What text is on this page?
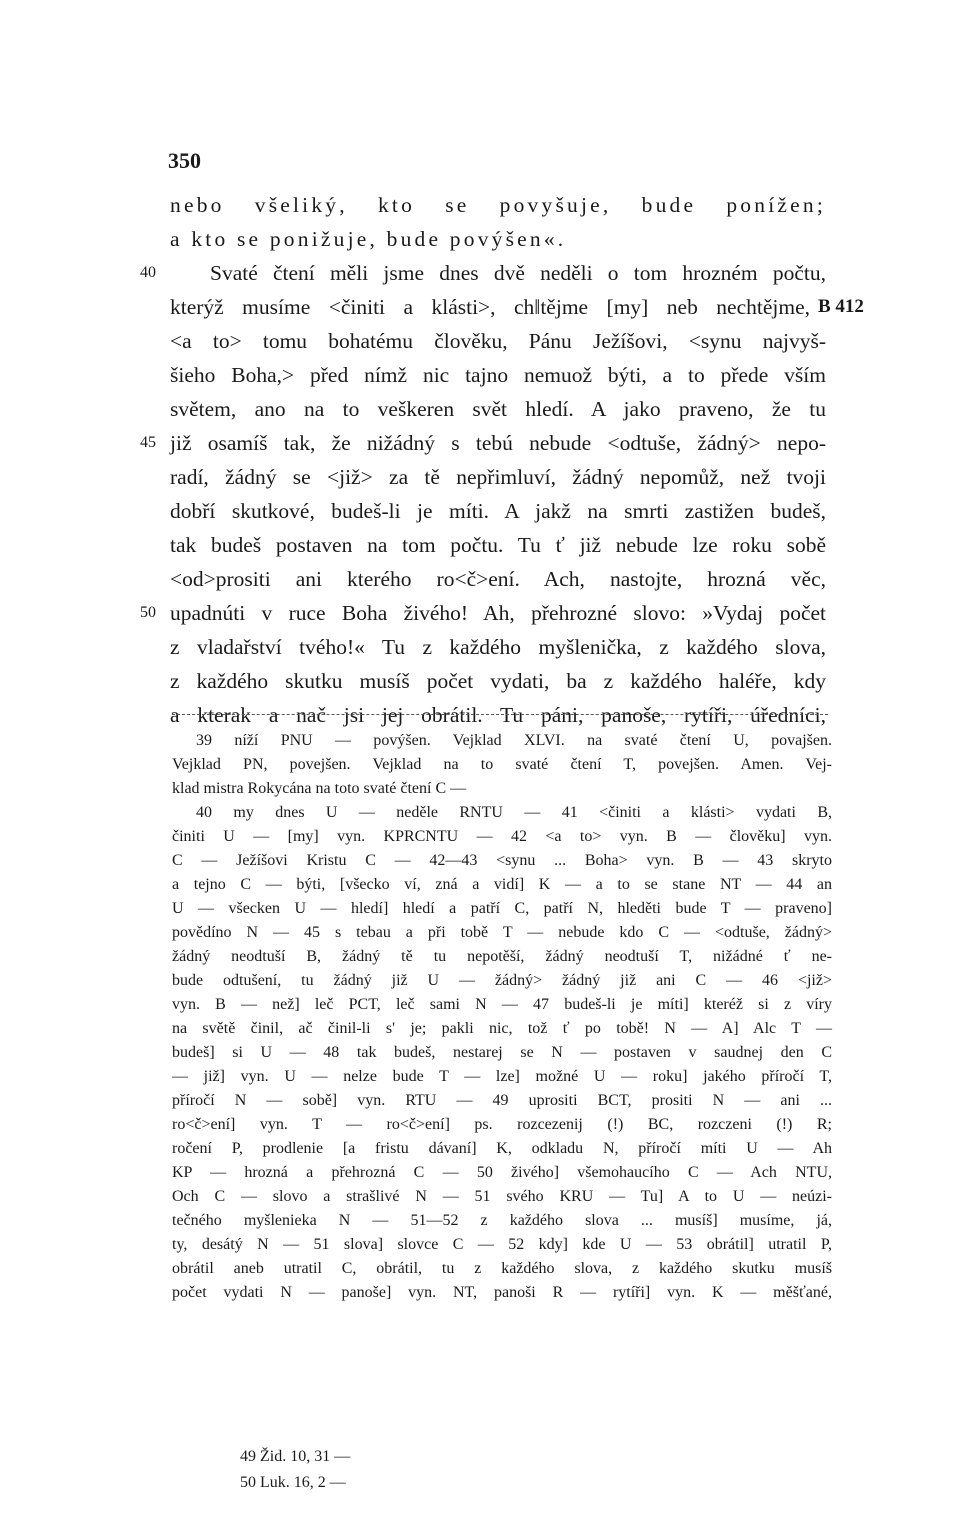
350
nebo všeliký, kto se povyšuje, bude ponížen;
a kto se ponižuje, bude povýšen«.
40	Svaté čtení měli jsme dnes dvě neděli o tom hrozném počtu,
kterýž musíme <činiti a klásti>, ch‖tějme [my] neb nechtějme, B 412
<a to> tomu bohatému člověku, Pánu Ježíšovi, <synu najvyš-
šieho Boha,> před nímž nic tajno nemuož býti, a to přede vším
světem, ano na to veškeren svět hledí. A jako praveno, že tu
45 již osamíš tak, že nižádný s tebú nebude <odtuše, žádný> nepo-
radí, žádný se <již> za tě nepřimluví, žádný nepomůž, než tvoji
dobří skutkové, budeš-li je míti. A jakž na smrti zastižen budeš,
tak budeš postaven na tom počtu. Tu ť již nebude lze roku sobě
<od>prositi ani kterého ro<č>ení. Ach, nastojte, hrozná věc,
50 upadnúti v ruce Boha živého! Ah, přehrozné slovo: »Vydaj počet
z vladařství tvého!« Tu z každého myšlenička, z každého slova,
z každého skutku musíš počet vydati, ba z každého haléře, kdy
a kterak a nač jsi jej obrátil. Tu páni, panoše, rytíři, úředníci,
39 níží PNU — povýšen. Vejklad XLVI. na svaté čtení U, povajšen.
Vejklad PN, povejšen. Vejklad na to svaté čtení T, povejšen. Amen. Vej-
klad mistra Rokycána na toto svaté čtení C —
40 my dnes U — neděle RNTU — 41 <činiti a klásti> vydati B,
činiti U — [my] vyn. KPRCNTU — 42 <a to> vyn. B — člověku] vyn.
C — Ježíšovi Kristu C — 42—43 <synu ... Boha> vyn. B — 43 skryto
a tejno C — býti, [všecko ví, zná a vidí] K — a to se stane NT — 44 an
U — všecken U — hledí] hledí a patří C, patří N, hleděti bude T — praveno]
povědíno N — 45 s tebau a při tobě T — nebude kdo C — <odtuše, žádný>
žádný neodtuší B, žádný tě tu nepotěší, žádný neodtuší T, nižádné ť ne-
bude odtušení, tu žádný již U — žádný> žádný již ani C — 46 <již>
vyn. B — než] leč PCT, leč sami N — 47 budeš-li je míti] kteréž si z víry
na světě činil, ač činil-li s' je; pakli nic, tož ť po tobě! N — A] Alc T —
budeš] si U — 48 tak budeš, nestarej se N — postaven v saudnej den C
— již] vyn. U — nelze bude T — lze] možné U — roku] jakého příročí T,
příročí N — sobě] vyn. RTU — 49 uprositi BCT, prositi N — ani ...
ro<č>ení] vyn. T — ro<č>ení] ps. rozcezenij (!) BC, rozczeni (!) R;
ročení P, prodlenie [a fristu dávaní] K, odkladu N, příročí míti U — Ah
KP — hrozná a přehrozná C — 50 živého] všemohaucího C — Ach NTU,
Och C — slovo a strašlivé N — 51 svého KRU — Tu] A to U — neúzi-
tečného myšlenieka N — 51—52 z každého slova ... musíš] musíme, já,
ty, desátý N — 51 slova] slovce C — 52 kdy] kde U — 53 obrátil] utratil P,
obrátil aneb utratil C, obrátil, tu z každého slova, z každého skutku musíš
počet vydati N — panoše] vyn. NT, panoši R — rytíři] vyn. K — měšťané,
49 Žid. 10, 31 —
50 Luk. 16, 2 —
